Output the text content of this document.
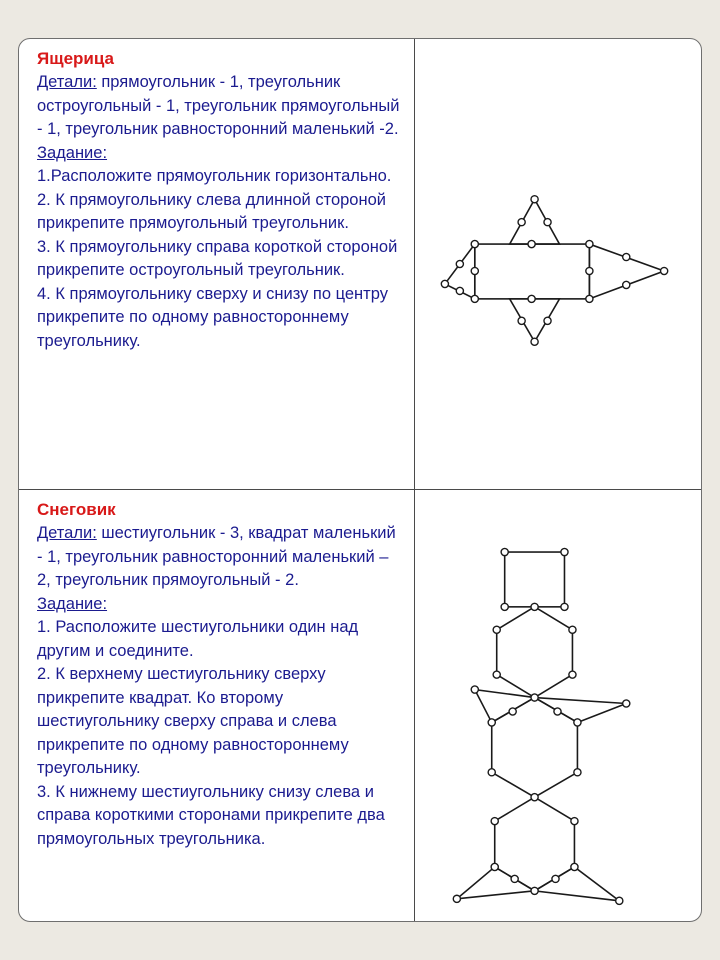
Ящерица

Детали: прямоугольник - 1, треугольник остроугольный - 1, треугольник прямоугольный - 1, треугольник равносторонний маленький -2.

Задание:

1.Расположите прямоугольник горизонтально.

2. К прямоугольнику слева длинной стороной прикрепите прямоугольный треугольник.

3. К прямоугольнику справа короткой стороной прикрепите остроугольный треугольник.

4. К прямоугольнику сверху и снизу по центру прикрепите по одному равностороннему треугольнику.

Снеговик

Детали: шестиугольник - 3, квадрат маленький - 1, треугольник равносторонний маленький – 2, треугольник прямоугольный - 2.

Задание:

1. Расположите шестиугольники один над другим и соедините.

2. К верхнему шестиугольнику сверху прикрепите квадрат. Ко второму шестиугольнику сверху справа и слева прикрепите по одному равностороннему треугольнику.

3. К нижнему шестиугольнику снизу слева и справа короткими сторонами прикрепите два прямоугольных треугольника.
